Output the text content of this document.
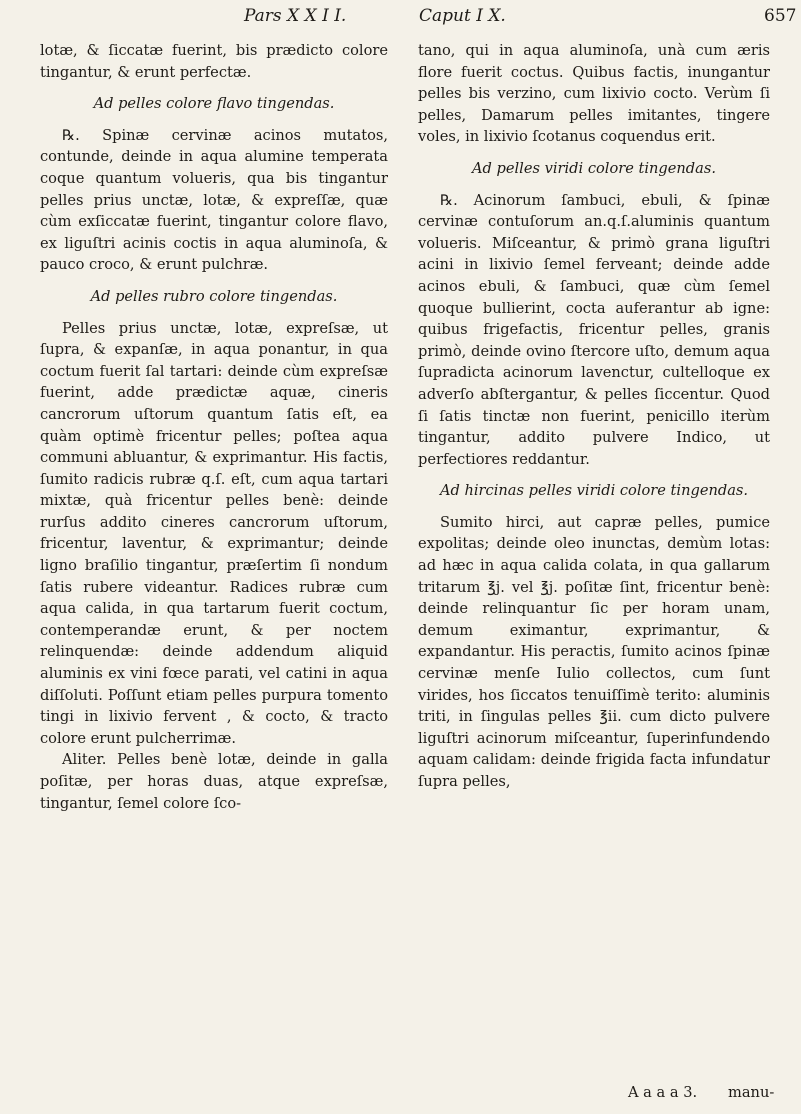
Pars X X I I.	Caput I X.	657

lotæ, & ſiccatæ fuerint, bis prædicto colore tingantur, & erunt perfectæ.

Ad pelles colore flavo tingendas.

℞. Spinæ cervinæ acinos mutatos, contunde, deinde in aqua alumine temperata coque quantum volueris, qua bis tingantur pelles prius unctæ, lotæ, & expreſſæ, quæ cùm exſiccatæ fuerint, tingantur colore flavo, ex liguſtri acinis coctis in aqua aluminoſa, & pauco croco, & erunt pulchræ.

Ad pelles rubro colore tingendas.

Pelles prius unctæ, lotæ, expreſsæ, ut ſupra, & expanſæ, in aqua ponantur, in qua coctum fuerit ſal tartari: deinde cùm expreſsæ fuerint, adde prædictæ aquæ, cineris cancrorum uſtorum quantum ſatis eſt, ea quàm optimè fricentur pelles; poſtea aqua communi abluantur, & exprimantur. His factis, ſumito radicis rubræ q.ſ. eſt, cum aqua tartari mixtæ, quà fricentur pelles benè: deinde rurſus addito cineres cancrorum uſtorum, fricentur, laventur, & exprimantur; deinde ligno braſilio tingantur, præſertim ſi nondum ſatis rubere videantur. Radices rubræ cum aqua calida, in qua tartarum fuerit coctum, contemperandæ erunt, & per noctem relinquendæ: deinde addendum aliquid aluminis ex vini fœce parati, vel catini in aqua diſſoluti. Poſſunt etiam pelles purpura tomento tingi in lixivio fervent , & cocto, & tracto colore erunt pulcherrimæ.

Aliter. Pelles benè lotæ, deinde in galla poſitæ, per horas duas, atque expreſsæ, tingantur, ſemel colore ſco-

tano, qui in aqua aluminoſa, unà cum æris flore fuerit coctus. Quibus factis, inungantur pelles bis verzino, cum lixivio cocto. Verùm ſi pelles, Damarum pelles imitantes, tingere voles, in lixivio ſcotanus coquendus erit.

Ad pelles viridi colore tingendas.

℞. Acinorum ſambuci, ebuli, & ſpinæ cervinæ contuſorum an.q.ſ.aluminis quantum volueris. Miſceantur, & primò grana liguſtri acini in lixivio ſemel ferveant; deinde adde acinos ebuli, & ſambuci, quæ cùm ſemel quoque bullierint, cocta auferantur ab igne: quibus frigefactis, fricentur pelles, granis primò, deinde ovino ſtercore uſto, demum aqua ſupradicta acinorum lavenctur, cultelloque ex adverſo abſtergantur, & pelles ſiccentur. Quod ſi ſatis tinctæ non fuerint, penicillo iterùm tingantur, addito pulvere Indico, ut perfectiores reddantur.

Ad hircinas pelles viridi colore tingendas.

Sumito hirci, aut capræ pelles, pumice expolitas; deinde oleo inunctas, demùm lotas: ad hæc in aqua calida colata, in qua gallarum tritarum ℥j. vel ℥j. poſitæ ſint, fricentur benè: deinde relinquantur ſic per horam unam, demum eximantur, exprimantur, & expandantur. His peractis, ſumito acinos ſpinæ cervinæ menſe Iulio collectos, cum ſunt virides, hos ſiccatos tenuiſſimè terito: aluminis triti, in ſingulas pelles ℥ii. cum dicto pulvere liguſtri acinorum miſceantur, ſuperinfundendo aquam calidam: deinde frigida facta infundatur ſupra pelles,

A a a a 3. manu-
